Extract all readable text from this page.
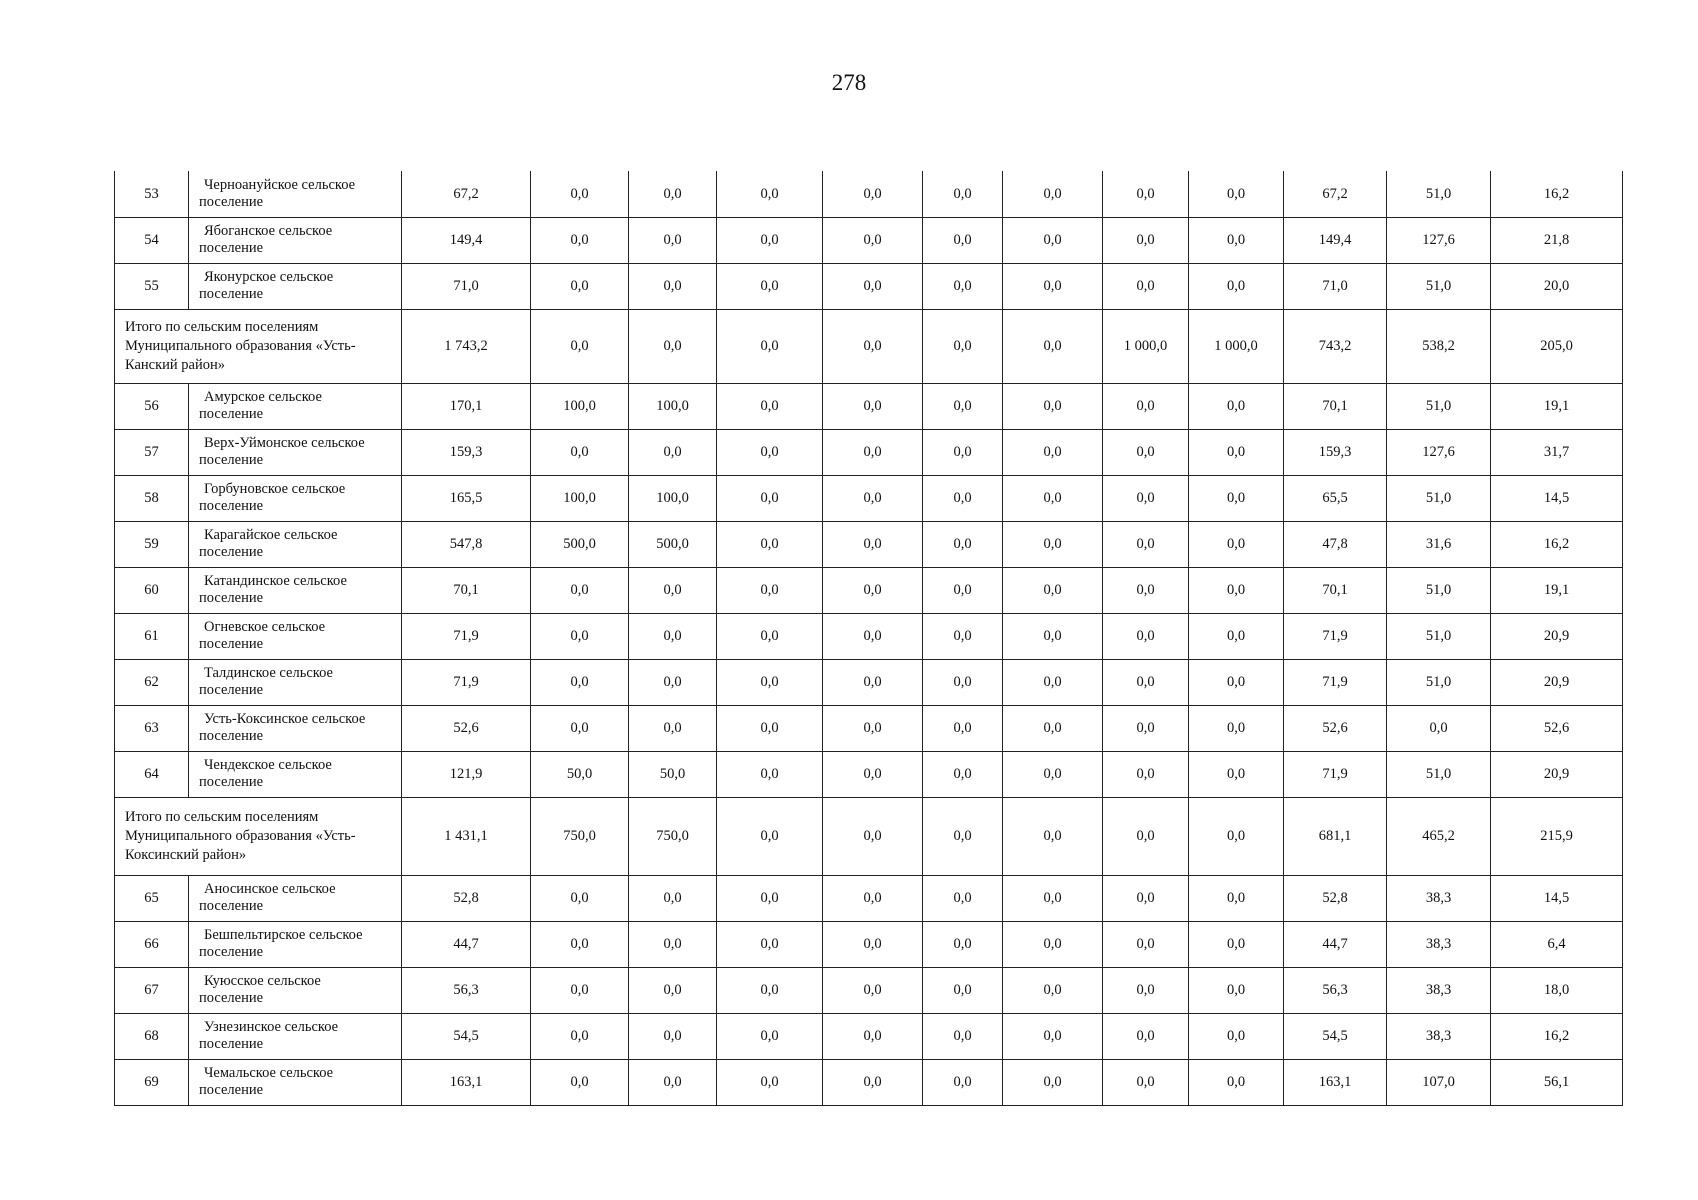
278
53	Черноануйское сельское
поселение	67,2	0,0	0,0	0,0	0,0	0,0	0,0	0,0	0,0	67,2	51,0	16,2
54	Ябоганское сельское
поселение	149,4	0,0	0,0	0,0	0,0	0,0	0,0	0,0	0,0	149,4	127,6	21,8
55	Яконурское сельское
поселение	71,0	0,0	0,0	0,0	0,0	0,0	0,0	0,0	0,0	71,0	51,0	20,0

Итого по сельским поселениям
Муниципального образования «Усть-
Канский район»		1 743,2	0,0	0,0	0,0	0,0	0,0	0,0	1 000,0	1 000,0	743,2	538,2	205,0
56	Амурское сельское
поселение	170,1	100,0	100,0	0,0	0,0	0,0	0,0	0,0	0,0	70,1	51,0	19,1
57	Верх-Уймонское сельское
поселение	159,3	0,0	0,0	0,0	0,0	0,0	0,0	0,0	0,0	159,3	127,6	31,7
58	Горбуновское сельское
поселение	165,5	100,0	100,0	0,0	0,0	0,0	0,0	0,0	0,0	65,5	51,0	14,5
59	Карагайское сельское
поселение	547,8	500,0	500,0	0,0	0,0	0,0	0,0	0,0	0,0	47,8	31,6	16,2
60	Катандинское сельское
поселение	70,1	0,0	0,0	0,0	0,0	0,0	0,0	0,0	0,0	70,1	51,0	19,1
61	Огневское сельское
поселение	71,9	0,0	0,0	0,0	0,0	0,0	0,0	0,0	0,0	71,9	51,0	20,9
62	Талдинское сельское
поселение	71,9	0,0	0,0	0,0	0,0	0,0	0,0	0,0	0,0	71,9	51,0	20,9
63	Усть-Коксинское сельское
поселение	52,6	0,0	0,0	0,0	0,0	0,0	0,0	0,0	0,0	52,6	0,0	52,6
64	Чендекское сельское
поселение	121,9	50,0	50,0	0,0	0,0	0,0	0,0	0,0	0,0	71,9	51,0	20,9

Итого по сельским поселениям
Муниципального образования «Усть-
Коксинский район»		1 431,1	750,0	750,0	0,0	0,0	0,0	0,0	0,0	0,0	681,1	465,2	215,9
65	Аносинское сельское
поселение	52,8	0,0	0,0	0,0	0,0	0,0	0,0	0,0	0,0	52,8	38,3	14,5
66	Бешпельтирское сельское
поселение	44,7	0,0	0,0	0,0	0,0	0,0	0,0	0,0	0,0	44,7	38,3	6,4
67	Куюсское сельское
поселение	56,3	0,0	0,0	0,0	0,0	0,0	0,0	0,0	0,0	56,3	38,3	18,0
68	Узнезинское сельское
поселение	54,5	0,0	0,0	0,0	0,0	0,0	0,0	0,0	0,0	54,5	38,3	16,2
69	Чемальское сельское
поселение	163,1	0,0	0,0	0,0	0,0	0,0	0,0	0,0	0,0	163,1	107,0	56,1
